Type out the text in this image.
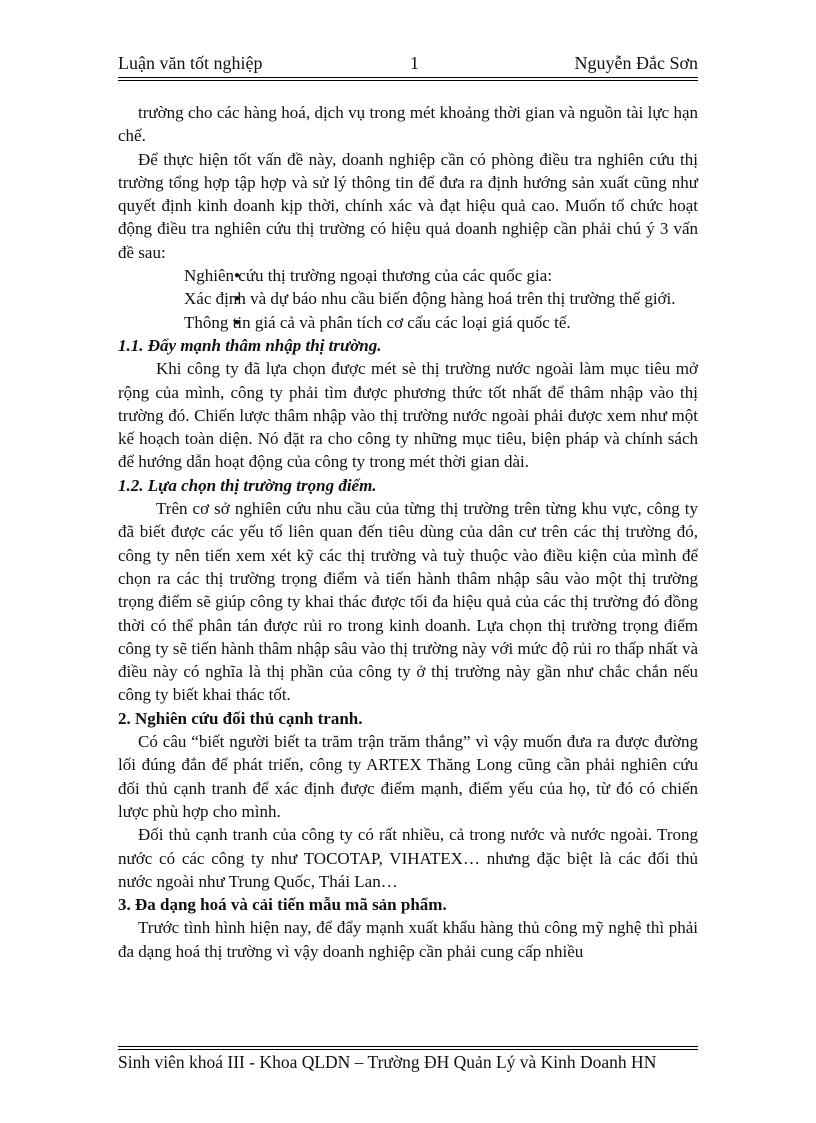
Luận văn tốt nghiệp	1	Nguyễn Đắc Sơn

trường cho các hàng hoá, dịch vụ trong mét khoảng thời gian và nguồn tài lực hạn chế.

Để thực hiện tốt vấn đề này, doanh nghiệp cần có phòng điều tra nghiên cứu thị trường tổng hợp tập hợp và sử lý thông tin để đưa ra định hướng sản xuất cũng như quyết định kinh doanh kịp thời, chính xác và đạt hiệu quả cao. Muốn tổ chức hoạt động điều tra nghiên cứu thị trường có hiệu quả doanh nghiệp cần phải chú ý 3 vấn đề sau:

● Nghiên cứu thị trường ngoại thương của các quốc gia:
● Xác định và dự báo nhu cầu biến động hàng hoá trên thị trường thế giới.
● Thông tin giá cả và phân tích cơ cấu các loại giá quốc tế.

1.1. Đẩy mạnh thâm nhập thị trường.

Khi công ty đã lựa chọn được mét sè thị trường nước ngoài làm mục tiêu mở rộng của mình, công ty phải tìm được phương thức tốt nhất để thâm nhập vào thị trường đó. Chiến lược thâm nhập vào thị trường nước ngoài phải được xem như một kế hoạch toàn diện. Nó đặt ra cho công ty những mục tiêu, biện pháp và chính sách để hướng dẫn hoạt động của công ty trong mét thời gian dài.

1.2. Lựa chọn thị trường trọng điểm.

Trên cơ sở nghiên cứu nhu cầu của từng thị trường trên từng khu vực, công ty đã biết được các yếu tố liên quan đến tiêu dùng của dân cư trên các thị trường đó, công ty nên tiến xem xét kỹ các thị trường và tuỳ thuộc vào điều kiện của mình để chọn ra các thị trường trọng điểm và tiến hành thâm nhập sâu vào một thị trường trọng điểm sẽ giúp công ty khai thác được tối đa hiệu quả của các thị trường đó đồng thời có thể phân tán được rủi ro trong kinh doanh. Lựa chọn thị trường trọng điểm công ty sẽ tiến hành thâm nhập sâu vào thị trường này với mức độ rủi ro thấp nhất và điều này có nghĩa là thị phần của công ty ở thị trường này gần như chắc chắn nếu công ty biết khai thác tốt.

2. Nghiên cứu đối thủ cạnh tranh.

Có câu “biết người biết ta trăm trận trăm thắng” vì vậy muốn đưa ra được đường lối đúng đắn để phát triển, công ty ARTEX Thăng Long cũng cần phải nghiên cứu đối thủ cạnh tranh để xác định được điểm mạnh, điểm yếu của họ, từ đó có chiến lược phù hợp cho mình.

Đối thủ cạnh tranh của công ty có rất nhiều, cả trong nước và nước ngoài. Trong nước có các công ty như TOCOTAP, VIHATEX… nhưng đặc biệt là các đối thủ nước ngoài như Trung Quốc, Thái Lan…

3. Đa dạng hoá và cải tiến mẫu mã sản phẩm.

Trước tình hình hiện nay, để đẩy mạnh xuất khẩu hàng thủ công mỹ nghệ thì phải đa dạng hoá thị trường vì vậy doanh nghiệp cần phải cung cấp nhiều

Sinh viên khoá III - Khoa QLDN – Trường ĐH Quản Lý và Kinh Doanh HN
